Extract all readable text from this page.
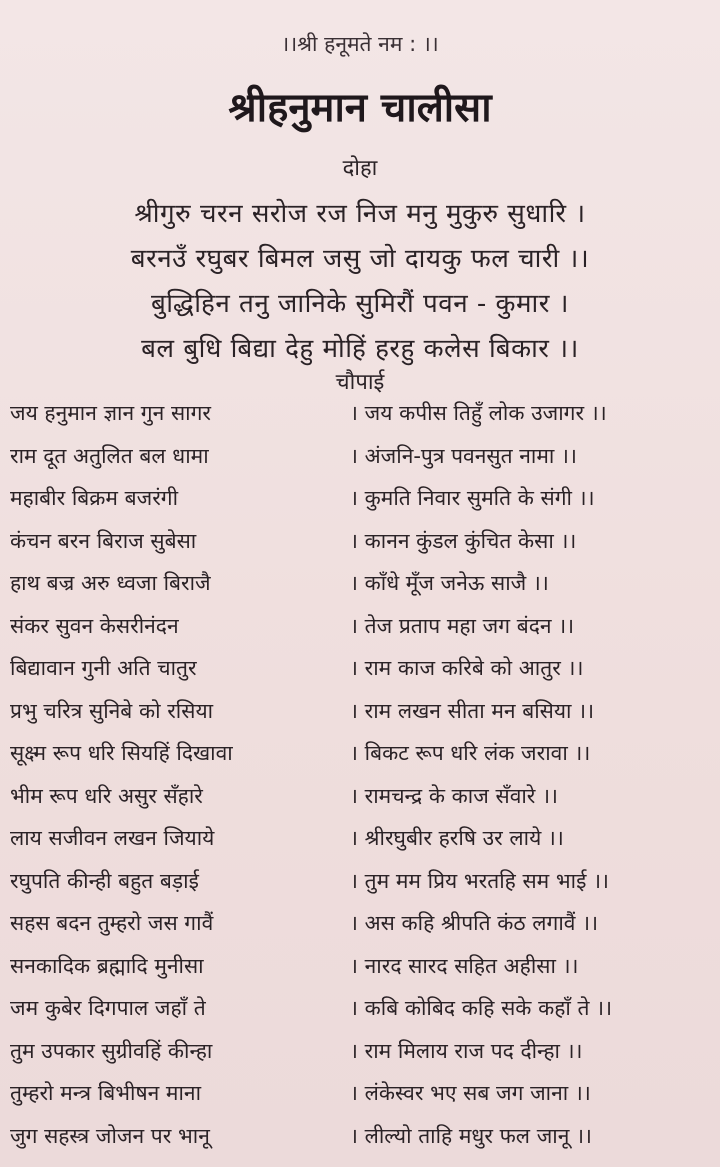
।।श्री हनूमते नम : ।।
श्रीहनुमान चालीसा
दोहा
श्रीगुरु चरन सरोज रज निज मनु मुकुरु सुधारि ।
बरनउँ रघुबर बिमल जसु जो दायकु फल चारी ।।
बुद्धिहिन तनु जानिके सुमिरौं पवन - कुमार ।
बल बुधि बिद्या देहु मोहिं हरहु कलेस बिकार ।।
चौपाई
जय हनुमान ज्ञान गुन सागर	। जय कपीस तिहुँ लोक उजागर ।।
राम दूत अतुलित बल धामा	। अंजनि-पुत्र पवनसुत नामा ।।
महाबीर बिक्रम बजरंगी	। कुमति निवार सुमति के संगी ।।
कंचन बरन बिराज सुबेसा	। कानन कुंडल कुंचित केसा ।।
हाथ बज्र अरु ध्वजा बिराजै	। काँधे मूँज जनेऊ साजै ।।
संकर सुवन केसरीनंदन	। तेज प्रताप महा जग बंदन ।।
बिद्यावान गुनी अति चातुर	। राम काज करिबे को आतुर ।।
प्रभु चरित्र सुनिबे को रसिया	। राम लखन सीता मन बसिया ।।
सूक्ष्म रूप धरि सियहिं दिखावा	। बिकट रूप धरि लंक जरावा ।।
भीम रूप धरि असुर सँहारे	। रामचन्द्र के काज सँवारे ।।
लाय सजीवन लखन जियाये	। श्रीरघुबीर हरषि उर लाये ।।
रघुपति कीन्ही बहुत बड़ाई	। तुम मम प्रिय भरतहि सम भाई ।।
सहस बदन तुम्हरो जस गावैं	। अस कहि श्रीपति कंठ लगावैं ।।
सनकादिक ब्रह्मादि मुनीसा	। नारद सारद सहित अहीसा ।।
जम कुबेर दिगपाल जहाँ ते	। कबि कोबिद कहि सके कहाँ ते ।।
तुम उपकार सुग्रीवहिं कीन्हा	। राम मिलाय राज पद दीन्हा ।।
तुम्हरो मन्त्र बिभीषन माना	। लंकेस्वर भए सब जग जाना ।।
जुग सहस्त्र जोजन पर भानू	। लील्यो ताहि मधुर फल जानू ।।
